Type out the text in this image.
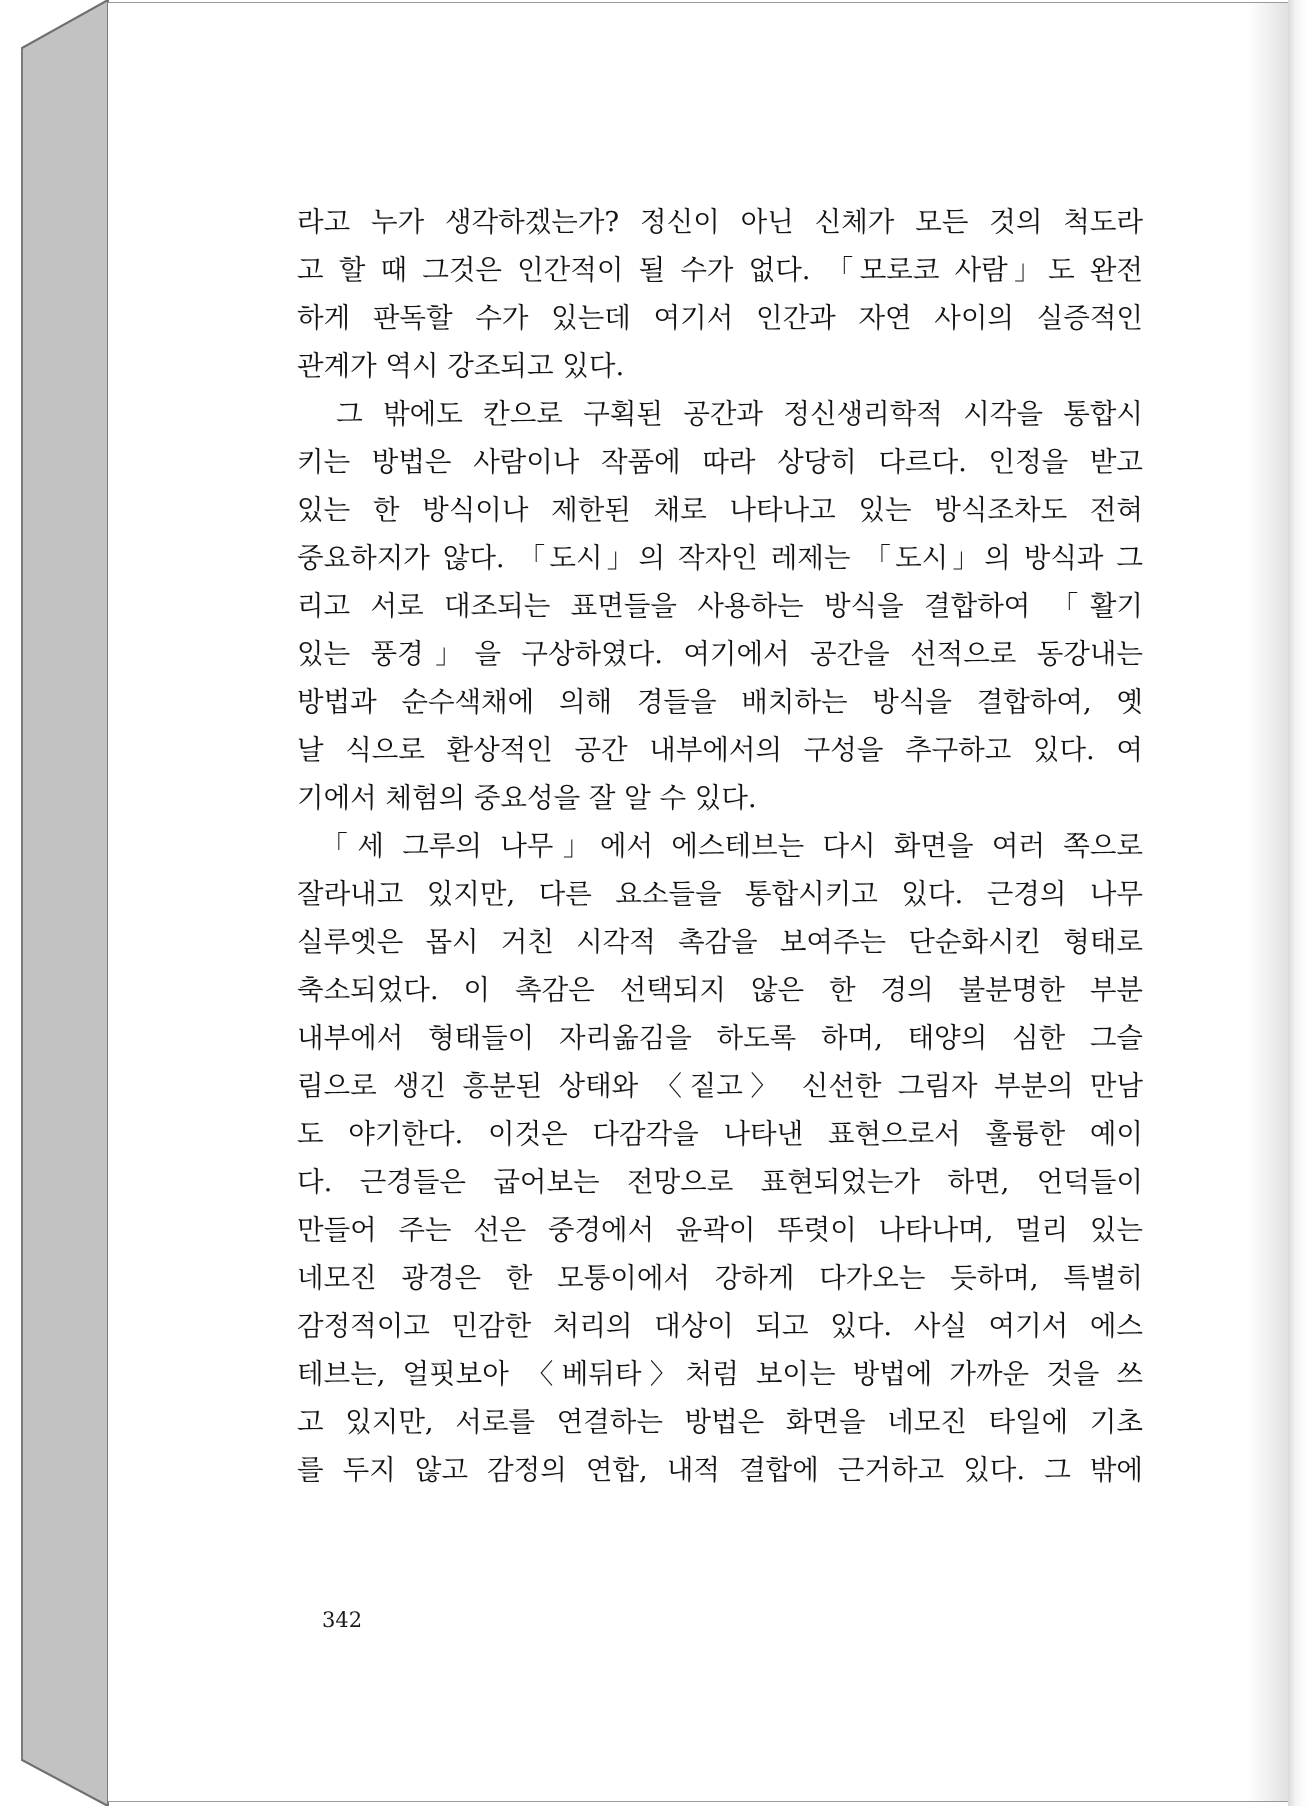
라고 누가 생각하겠는가? 정신이 아닌 신체가 모든 것의 척도라
고 할 때 그것은 인간적이 될 수가 없다. 「모로코 사람」도 완전
하게 판독할 수가 있는데 여기서 인간과 자연 사이의 실증적인
관계가 역시 강조되고 있다.
　그 밖에도 칸으로 구획된 공간과 정신생리학적 시각을 통합시
키는 방법은 사람이나 작품에 따라 상당히 다르다. 인정을 받고
있는 한 방식이나 제한된 채로 나타나고 있는 방식조차도 전혀
중요하지가 않다. 「도시」의 작자인 레제는 「도시」의 방식과 그
리고 서로 대조되는 표면들을 사용하는 방식을 결합하여 「활기
있는 풍경」을 구상하였다. 여기에서 공간을 선적으로 동강내는
방법과 순수색채에 의해 경들을 배치하는 방식을 결합하여, 옛
날 식으로 환상적인 공간 내부에서의 구성을 추구하고 있다. 여
기에서 체험의 중요성을 잘 알 수 있다.
　「세 그루의 나무」에서 에스테브는 다시 화면을 여러 쪽으로
잘라내고 있지만, 다른 요소들을 통합시키고 있다. 근경의 나무
실루엣은 몹시 거친 시각적 촉감을 보여주는 단순화시킨 형태로
축소되었다. 이 촉감은 선택되지 않은 한 경의 불분명한 부분
내부에서 형태들이 자리옮김을 하도록 하며, 태양의 심한 그슬
림으로 생긴 흥분된 상태와 〈짙고〉 신선한 그림자 부분의 만남
도 야기한다. 이것은 다감각을 나타낸 표현으로서 훌륭한 예이
다. 근경들은 굽어보는 전망으로 표현되었는가 하면, 언덕들이
만들어 주는 선은 중경에서 윤곽이 뚜렷이 나타나며, 멀리 있는
네모진 광경은 한 모퉁이에서 강하게 다가오는 듯하며, 특별히
감정적이고 민감한 처리의 대상이 되고 있다. 사실 여기서 에스
테브는, 얼핏보아 〈베뒤타〉처럼 보이는 방법에 가까운 것을 쓰
고 있지만, 서로를 연결하는 방법은 화면을 네모진 타일에 기초
를 두지 않고 감정의 연합, 내적 결합에 근거하고 있다. 그 밖에
342
